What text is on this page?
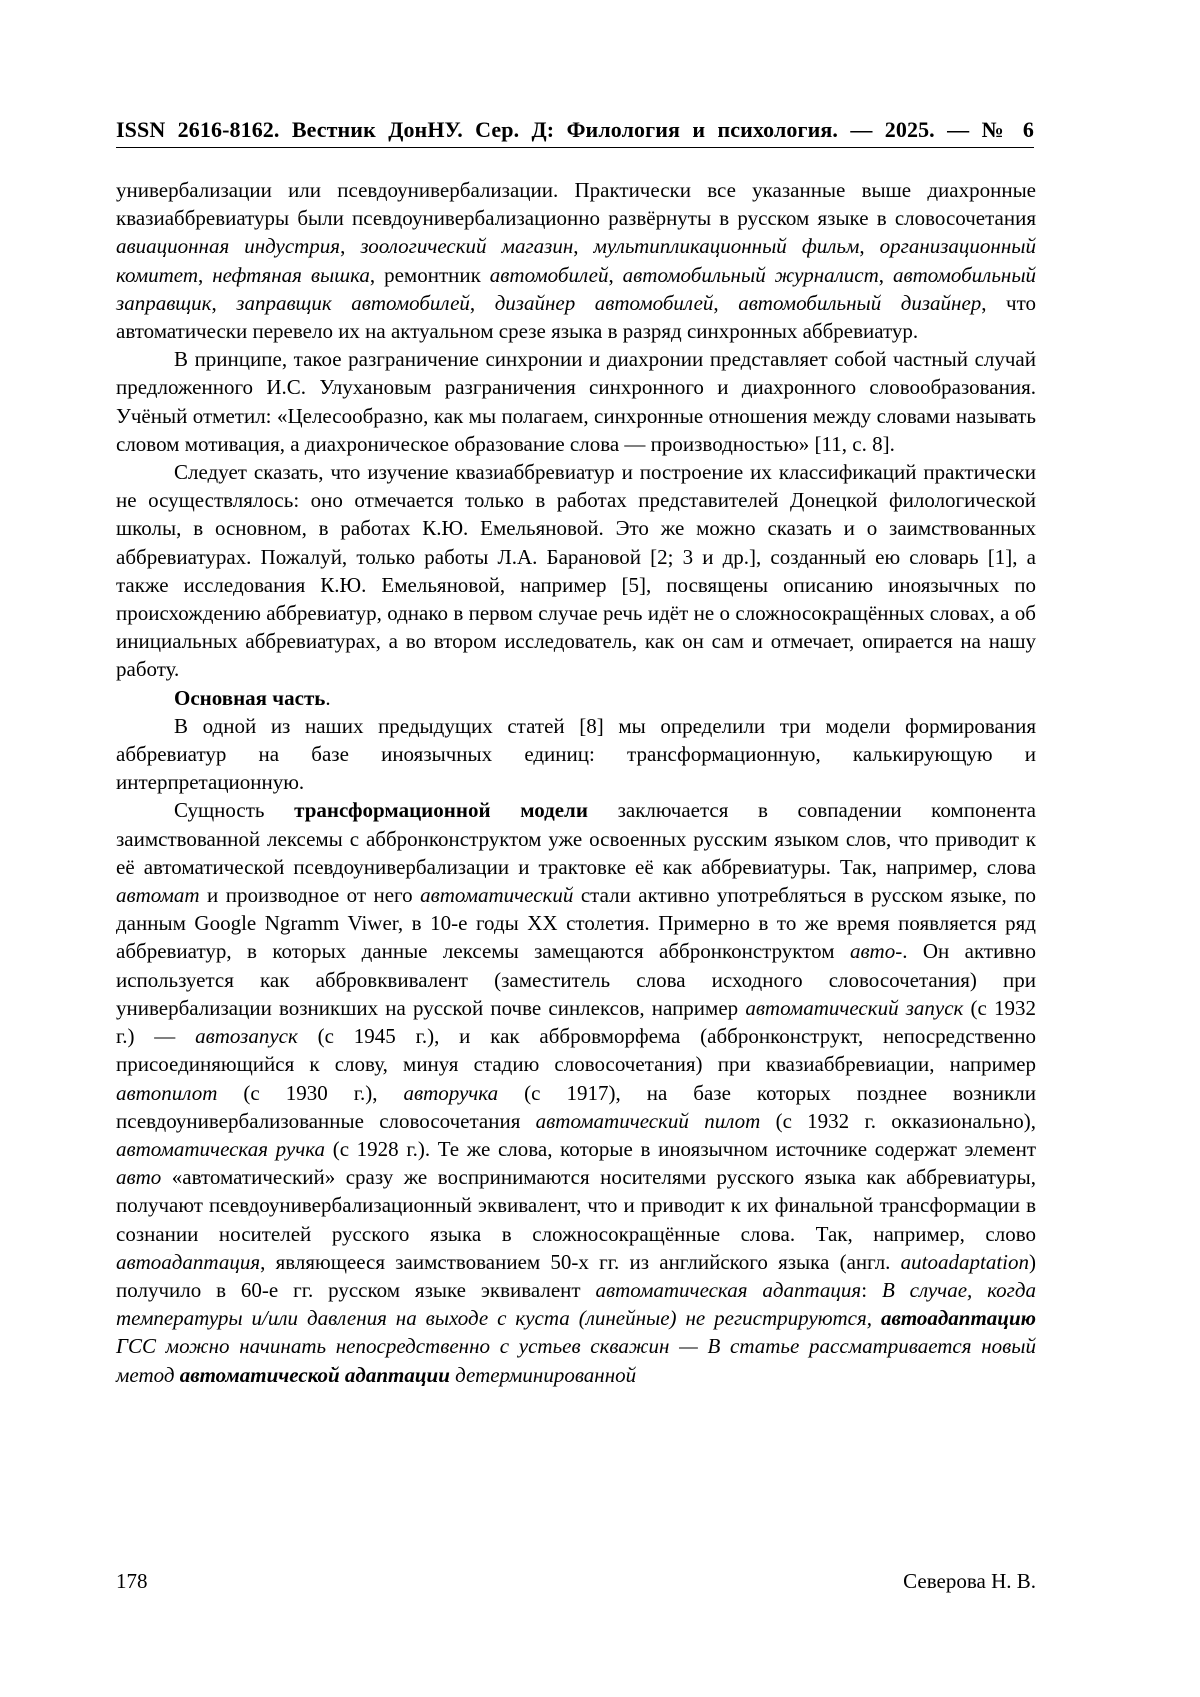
ISSN 2616-8162. Вестник ДонНУ. Сер. Д: Филология и психология. — 2025. — № 6

универбализации или псевдоунивербализации. Практически все указанные выше диахронные квазиаббревиатуры были псевдоунивербализационно развёрнуты в русском языке в словосочетания авиационная индустрия, зоологический магазин, мультипликационный фильм, организационный комитет, нефтяная вышка, ремонтник автомобилей, автомобильный журналист, автомобильный заправщик, заправщик автомобилей, дизайнер автомобилей, автомобильный дизайнер, что автоматически перевело их на актуальном срезе языка в разряд синхронных аббревиатур.

В принципе, такое разграничение синхронии и диахронии представляет собой частный случай предложенного И.С. Улухановым разграничения синхронного и диахронного словообразования. Учёный отметил: «Целесообразно, как мы полагаем, синхронные отношения между словами называть словом мотивация, а диахроническое образование слова — производностью» [11, с. 8].

Следует сказать, что изучение квазиаббревиатур и построение их классификаций практически не осуществлялось: оно отмечается только в работах представителей Донецкой филологической школы, в основном, в работах К.Ю. Емельяновой. Это же можно сказать и о заимствованных аббревиатурах. Пожалуй, только работы Л.А. Барановой [2; 3 и др.], созданный ею словарь [1], а также исследования К.Ю. Емельяновой, например [5], посвящены описанию иноязычных по происхождению аббревиатур, однако в первом случае речь идёт не о сложносокращённых словах, а об инициальных аббревиатурах, а во втором исследователь, как он сам и отмечает, опирается на нашу работу.

Основная часть.

В одной из наших предыдущих статей [8] мы определили три модели формирования аббревиатур на базе иноязычных единиц: трансформационную, калькирующую и интерпретационную.

Сущность трансформационной модели заключается в совпадении компонента заимствованной лексемы с аббронконструктом уже освоенных русским языком слов, что приводит к её автоматической псевдоунивербализации и трактовке её как аббревиатуры. Так, например, слова автомат и производное от него автоматический стали активно употребляться в русском языке, по данным Google Ngramm Viwer, в 10-е годы XX столетия. Примерно в то же время появляется ряд аббревиатур, в которых данные лексемы замещаются аббронконструктом авто-. Он активно используется как аббровквивалент (заместитель слова исходного словосочетания) при универбализации возникших на русской почве синлексов, например автоматический запуск (с 1932 г.) — автозапуск (с 1945 г.), и как аббровморфема (аббронконструкт, непосредственно присоединяющийся к слову, минуя стадию словосочетания) при квазиаббревиации, например автопилот (с 1930 г.), авторучка (с 1917), на базе которых позднее возникли псевдоунивербализованные словосочетания автоматический пилот (с 1932 г. окказионально), автоматическая ручка (с 1928 г.). Те же слова, которые в иноязычном источнике содержат элемент авто «автоматический» сразу же воспринимаются носителями русского языка как аббревиатуры, получают псевдоунивербализационный эквивалент, что и приводит к их финальной трансформации в сознании носителей русского языка в сложносокращённые слова. Так, например, слово автоадаптация, являющееся заимствованием 50-х гг. из английского языка (англ. autoadaptation) получило в 60-е гг. русском языке эквивалент автоматическая адаптация: В случае, когда температуры и/или давления на выходе с куста (линейные) не регистрируются, автоадаптацию ГСС можно начинать непосредственно с устьев скважин — В статье рассматривается новый метод автоматической адаптации детерминированной

178	Северова Н. В.
